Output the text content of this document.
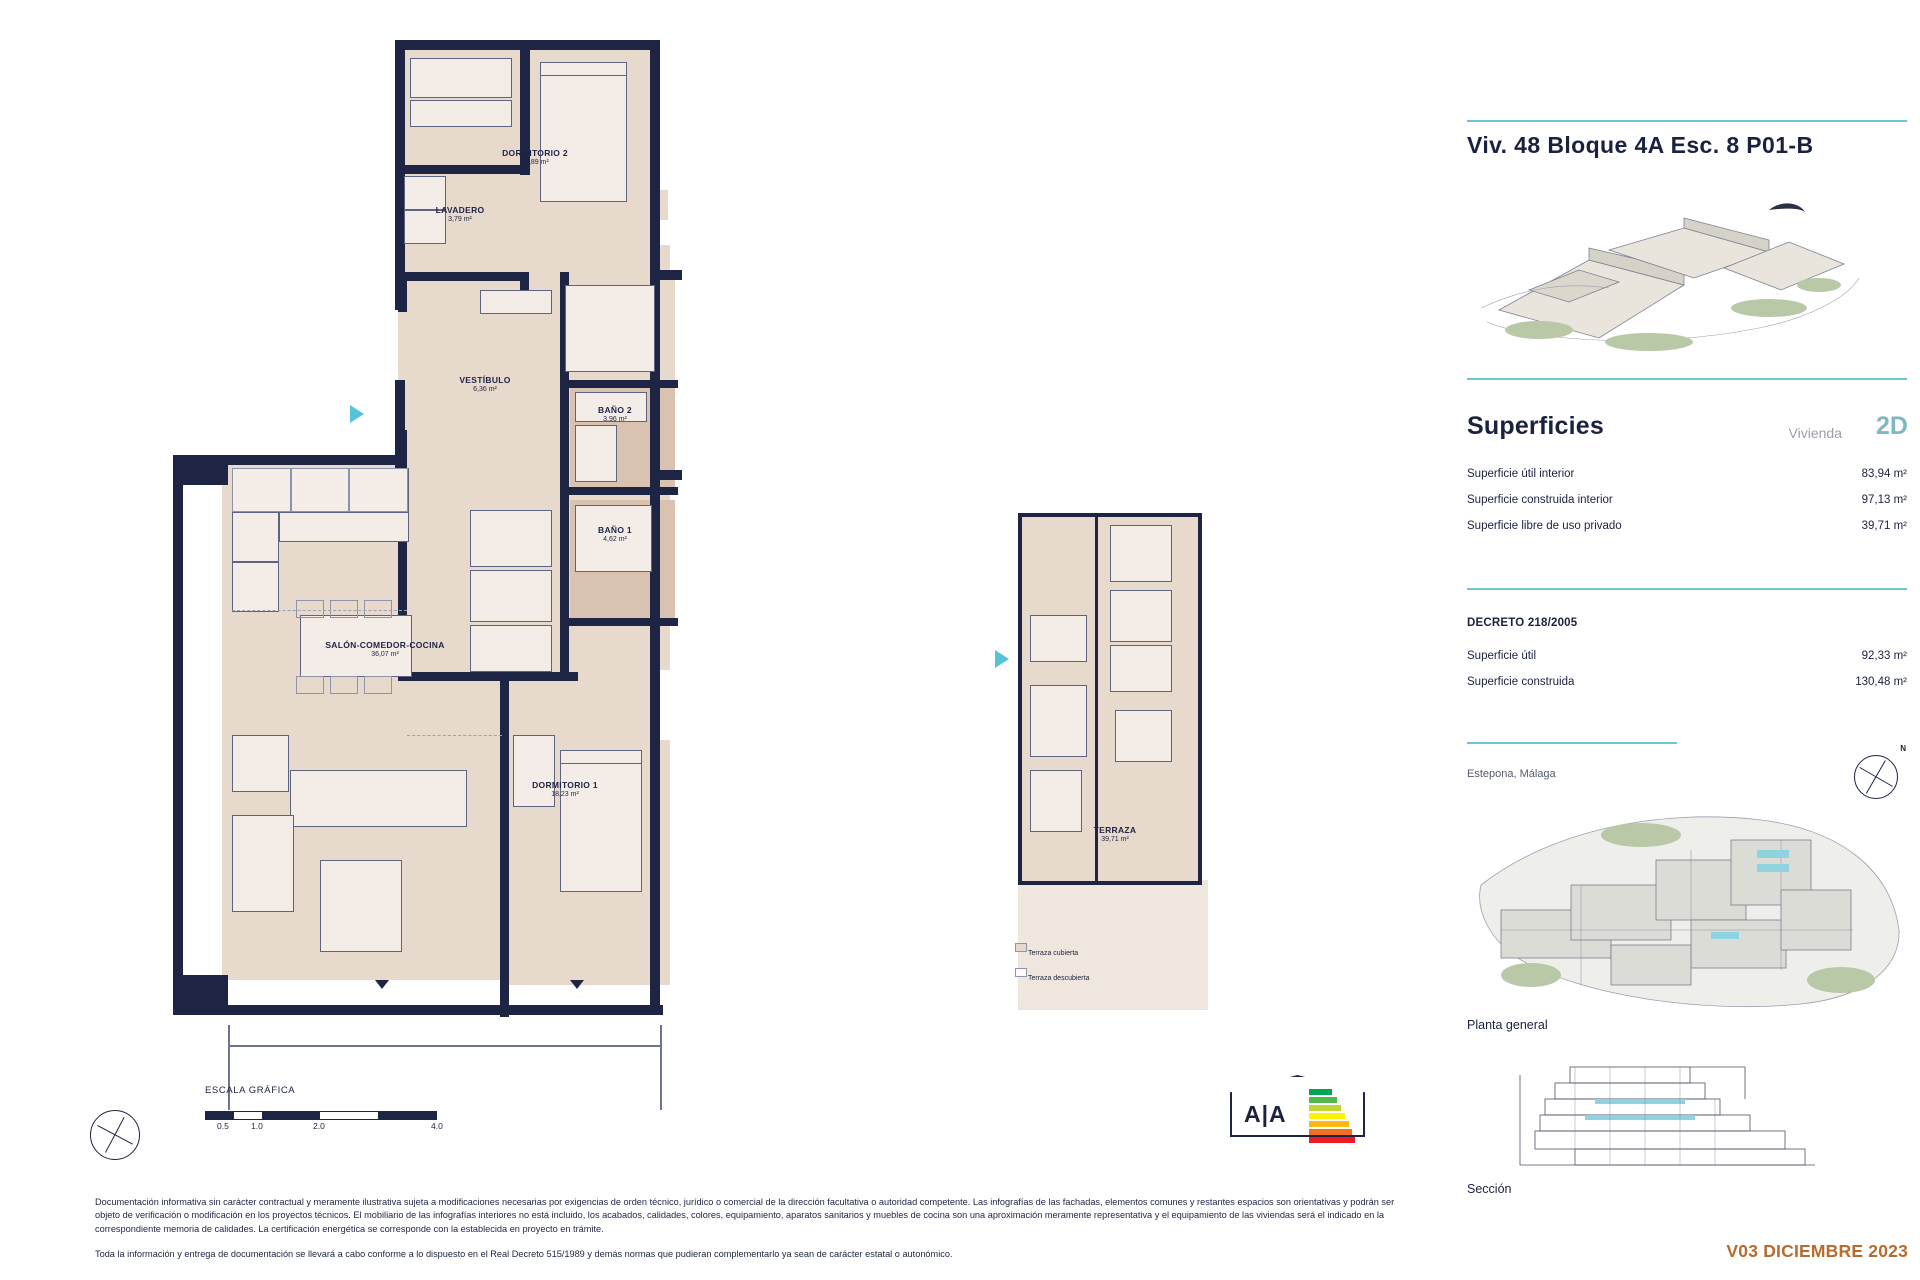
DORMITORIO 2
10,89 m²
LAVADERO
3,79 m²
VESTÍBULO
6,36 m²
BAÑO 2
3,96 m²
BAÑO 1
4,62 m²
SALÓN-COMEDOR-COCINA
36,07 m²
DORMITORIO 1
18,23 m²
TERRAZA
39,71 m²
Terraza cubierta
Terraza descubierta
ESCALA GRÁFICA
0.5	1.0	2.0	4.0	A|A

Documentación informativa sin carácter contractual y meramente ilustrativa sujeta a modificaciones necesarias por exigencias de orden técnico, jurídico o comercial de la dirección facultativa o autoridad competente. Las infografías de las fachadas, elementos comunes y restantes espacios son orientativas y podrán ser objeto de verificación o modificación en los proyectos técnicos. El mobiliario de las infografías interiores no está incluido, los acabados, calidades, colores, equipamiento, aparatos sanitarios y muebles de cocina son una aproximación meramente representativa y el equipamiento de las viviendas será el indicado en la correspondiente memoria de calidades. La certificación energética se corresponde con la establecida en proyecto en trámite.

Toda la información y entrega de documentación se llevará a cabo conforme a lo dispuesto en el Real Decreto 515/1989 y demás normas que pudieran complementarlo ya sean de carácter estatal o autonómico.

Viv. 48 Bloque 4A Esc. 8 P01-B
Superficies	Vivienda 2D
Superficie útil interior	83,94 m²
Superficie construida interior	97,13 m²
Superficie libre de uso privado	39,71 m²
DECRETO 218/2005
Superficie útil	92,33 m²
Superficie construida	130,48 m²
Estepona, Málaga
N
Planta general
Sección
V03 DICIEMBRE 2023
